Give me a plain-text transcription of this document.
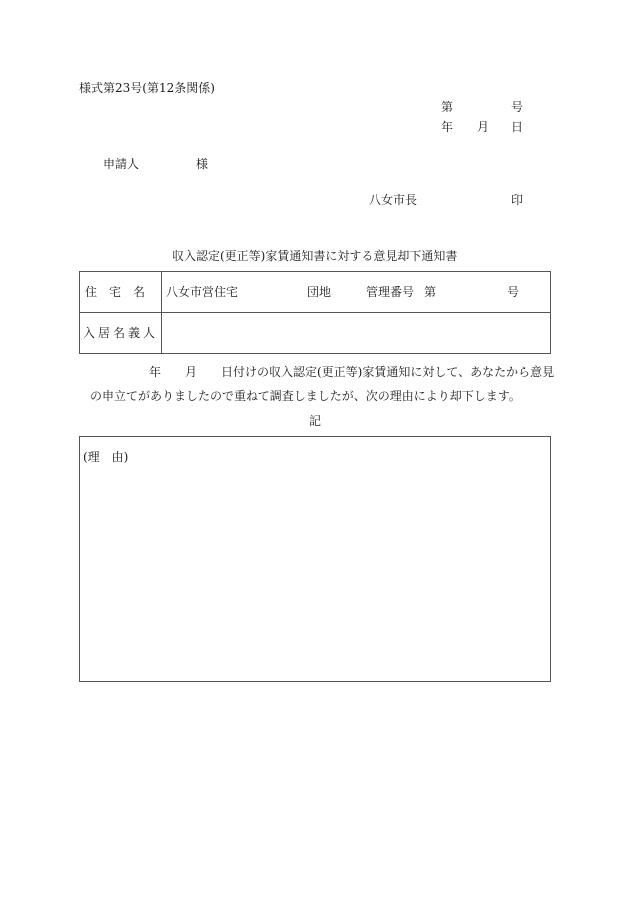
様式第23号(第12条関係)
第	号
年 月 日
申請人	様
八女市長	印
収入認定(更正等)家賃通知書に対する意見却下通知書
住　宅　名 八女市営住宅	団地	管理番号 第	号
入居名義人
年 月 日付けの収入認定(更正等)家賃通知に対して、あなたから意見
の申立てがありましたので重ねて調査しましたが、次の理由により却下します。
記
(理　由)
